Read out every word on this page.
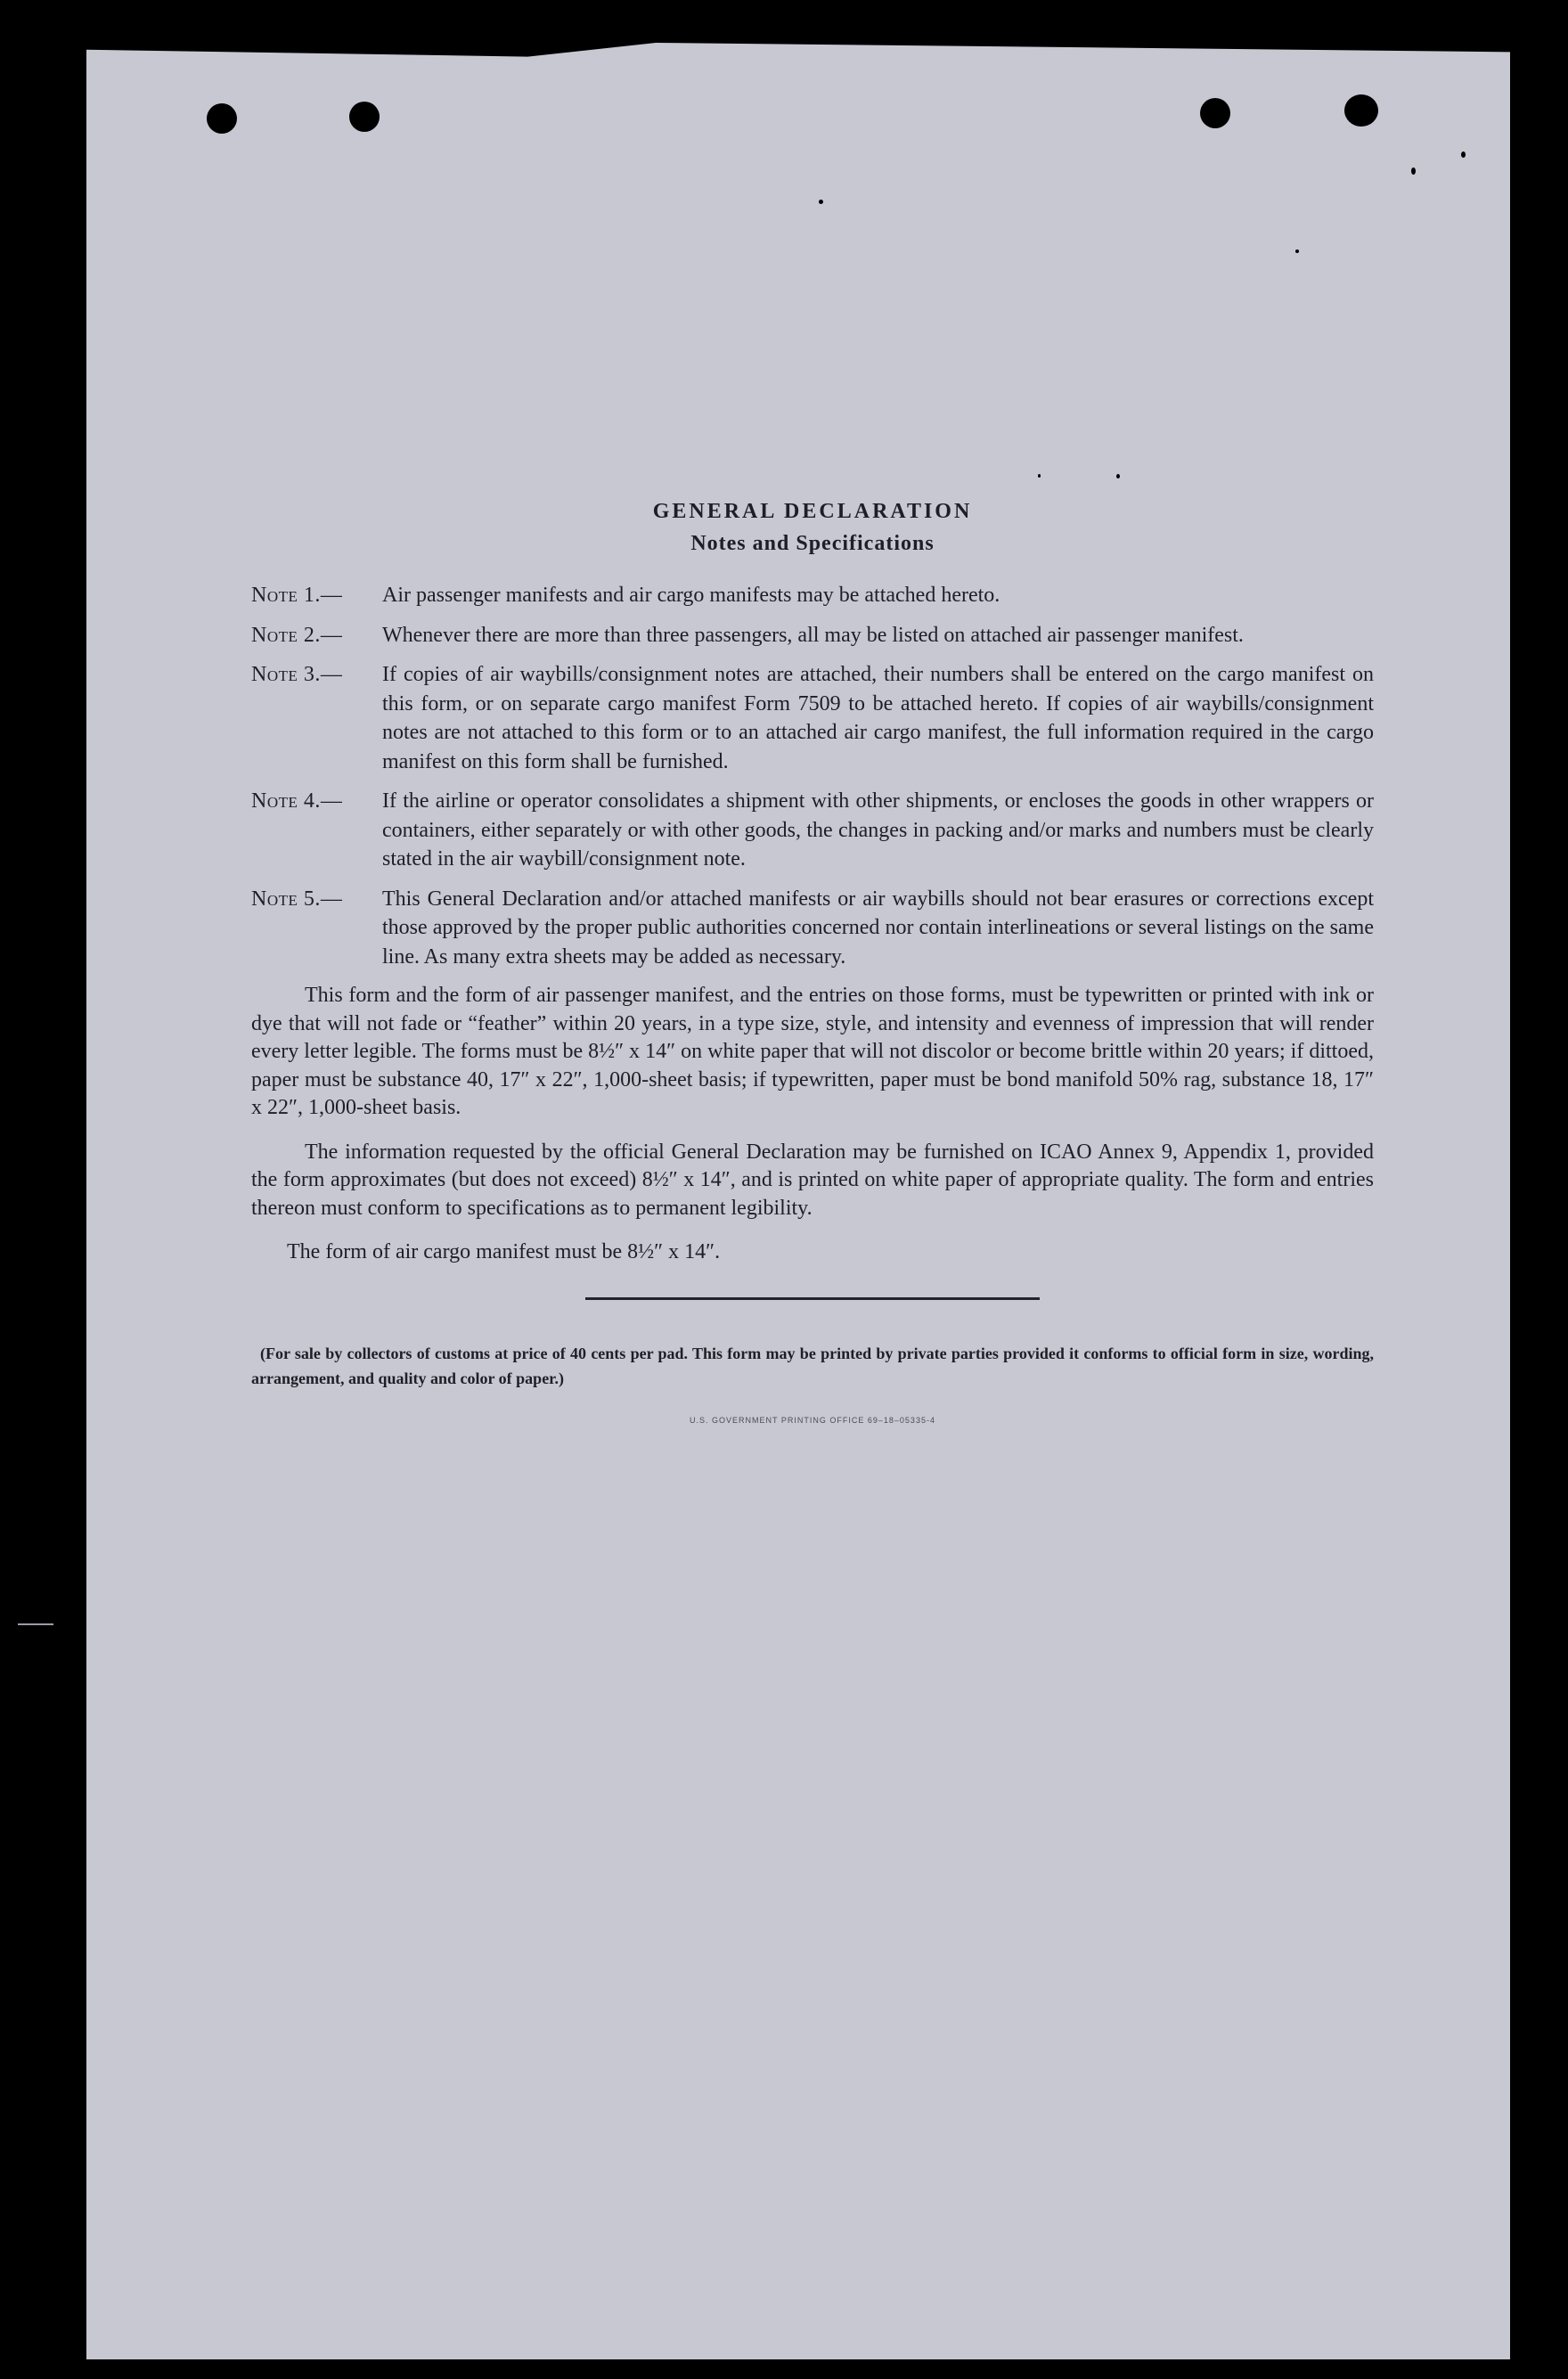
GENERAL DECLARATION
Notes and Specifications
Note 1.—	Air passenger manifests and air cargo manifests may be attached hereto.
Note 2.—	Whenever there are more than three passengers, all may be listed on attached air passenger manifest.
Note 3.—	If copies of air waybills/consignment notes are attached, their numbers shall be entered on the cargo manifest on this form, or on separate cargo manifest Form 7509 to be attached hereto. If copies of air waybills/consignment notes are not attached to this form or to an attached air cargo manifest, the full information required in the cargo manifest on this form shall be furnished.
Note 4.—	If the airline or operator consolidates a shipment with other shipments, or encloses the goods in other wrappers or containers, either separately or with other goods, the changes in packing and/or marks and numbers must be clearly stated in the air waybill/consignment note.
Note 5.—	This General Declaration and/or attached manifests or air waybills should not bear erasures or corrections except those approved by the proper public authorities concerned nor contain interlineations or several listings on the same line. As many extra sheets may be added as necessary.

This form and the form of air passenger manifest, and the entries on those forms, must be typewritten or printed with ink or dye that will not fade or “feather” within 20 years, in a type size, style, and intensity and evenness of impression that will render every letter legible. The forms must be 8½″ x 14″ on white paper that will not discolor or become brittle within 20 years; if dittoed, paper must be substance 40, 17″ x 22″, 1,000-sheet basis; if typewritten, paper must be bond manifold 50% rag, substance 18, 17″ x 22″, 1,000-sheet basis.

The information requested by the official General Declaration may be furnished on ICAO Annex 9, Appendix 1, provided the form approximates (but does not exceed) 8½″ x 14″, and is printed on white paper of appropriate quality. The form and entries thereon must conform to specifications as to permanent legibility.

The form of air cargo manifest must be 8½″ x 14″.

(For sale by collectors of customs at price of 40 cents per pad. This form may be printed by private parties provided it conforms to official form in size, wording, arrangement, and quality and color of paper.)

U.S. GOVERNMENT PRINTING OFFICE 69–18–05335-4
